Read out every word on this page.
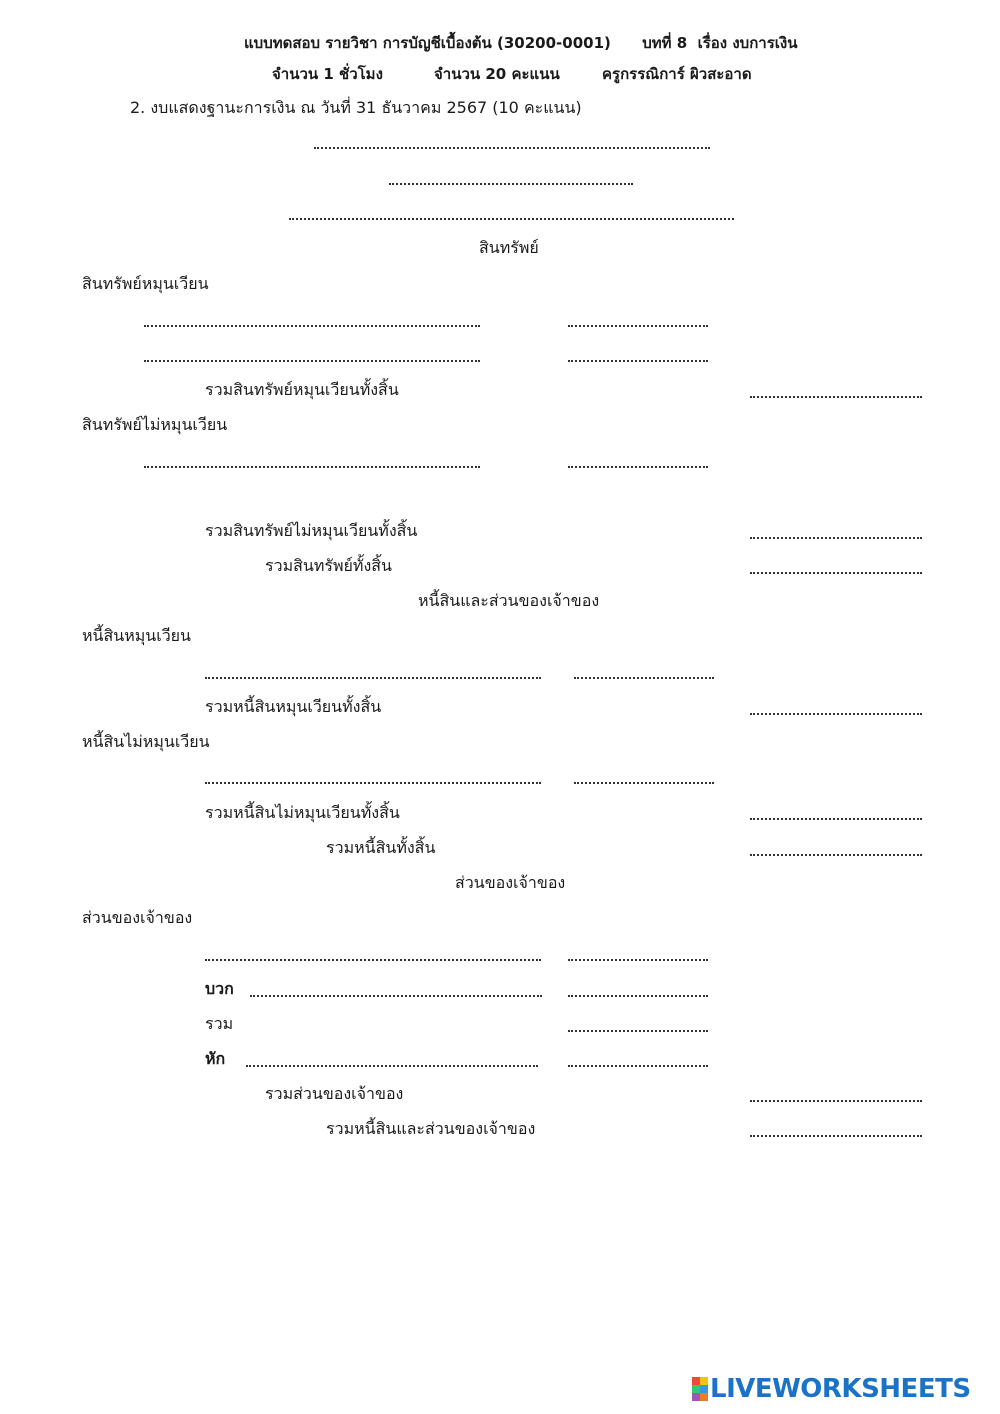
แบบทดสอบ รายวิชา การบัญชีเบื้องต้น (30200-0001)      บทที่ 8  เรื่อง งบการเงิน
จำนวน 1 ชั่วโมง	จำนวน 20 คะแนน	ครูกรรณิการ์ ผิวสะอาด
2. งบแสดงฐานะการเงิน ณ วันที่ 31 ธันวาคม 2567 (10 คะแนน)
สินทรัพย์
สินทรัพย์หมุนเวียน
รวมสินทรัพย์หมุนเวียนทั้งสิ้น
สินทรัพย์ไม่หมุนเวียน
รวมสินทรัพย์ไม่หมุนเวียนทั้งสิ้น
รวมสินทรัพย์ทั้งสิ้น
หนี้สินและส่วนของเจ้าของ
หนี้สินหมุนเวียน
รวมหนี้สินหมุนเวียนทั้งสิ้น
หนี้สินไม่หมุนเวียน
รวมหนี้สินไม่หมุนเวียนทั้งสิ้น
รวมหนี้สินทั้งสิ้น
ส่วนของเจ้าของ
ส่วนของเจ้าของ
บวก
รวม
หัก
รวมส่วนของเจ้าของ
รวมหนี้สินและส่วนของเจ้าของ
LIVEWORKSHEETS
